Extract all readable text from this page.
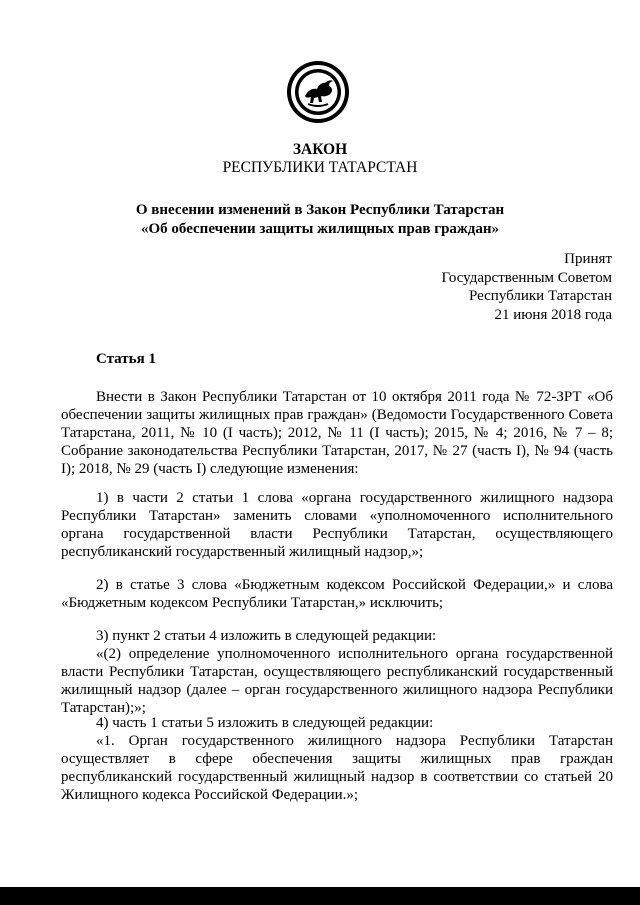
ЗАКОН
РЕСПУБЛИКИ ТАТАРСТАН
О внесении изменений в Закон Республики Татарстан
«Об обеспечении защиты жилищных прав граждан»
Принят
Государственным Советом
Республики Татарстан
21 июня 2018 года
Статья 1

Внести в Закон Республики Татарстан от 10 октября 2011 года № 72-ЗРТ «Об обеспечении защиты жилищных прав граждан» (Ведомости Государственного Совета Татарстана, 2011, № 10 (I часть); 2012, № 11 (I часть); 2015, № 4; 2016, № 7 – 8; Собрание законодательства Республики Татарстан, 2017, № 27 (часть I), № 94 (часть I); 2018, № 29 (часть I) следующие изменения:

1) в части 2 статьи 1 слова «органа государственного жилищного надзора Республики Татарстан» заменить словами «уполномоченного исполнительного органа государственной власти Республики Татарстан, осуществляющего республиканский государственный жилищный надзор,»;

2) в статье 3 слова «Бюджетным кодексом Российской Федерации,» и слова «Бюджетным кодексом Республики Татарстан,» исключить;

3) пункт 2 статьи 4 изложить в следующей редакции:

«(2) определение уполномоченного исполнительного органа государственной власти Республики Татарстан, осуществляющего республиканский государственный жилищный надзор (далее – орган государственного жилищного надзора Республики Татарстан);»;

4) часть 1 статьи 5 изложить в следующей редакции:

«1. Орган государственного жилищного надзора Республики Татарстан осуществляет в сфере обеспечения защиты жилищных прав граждан республиканский государственный жилищный надзор в соответствии со статьей 20 Жилищного кодекса Российской Федерации.»;
